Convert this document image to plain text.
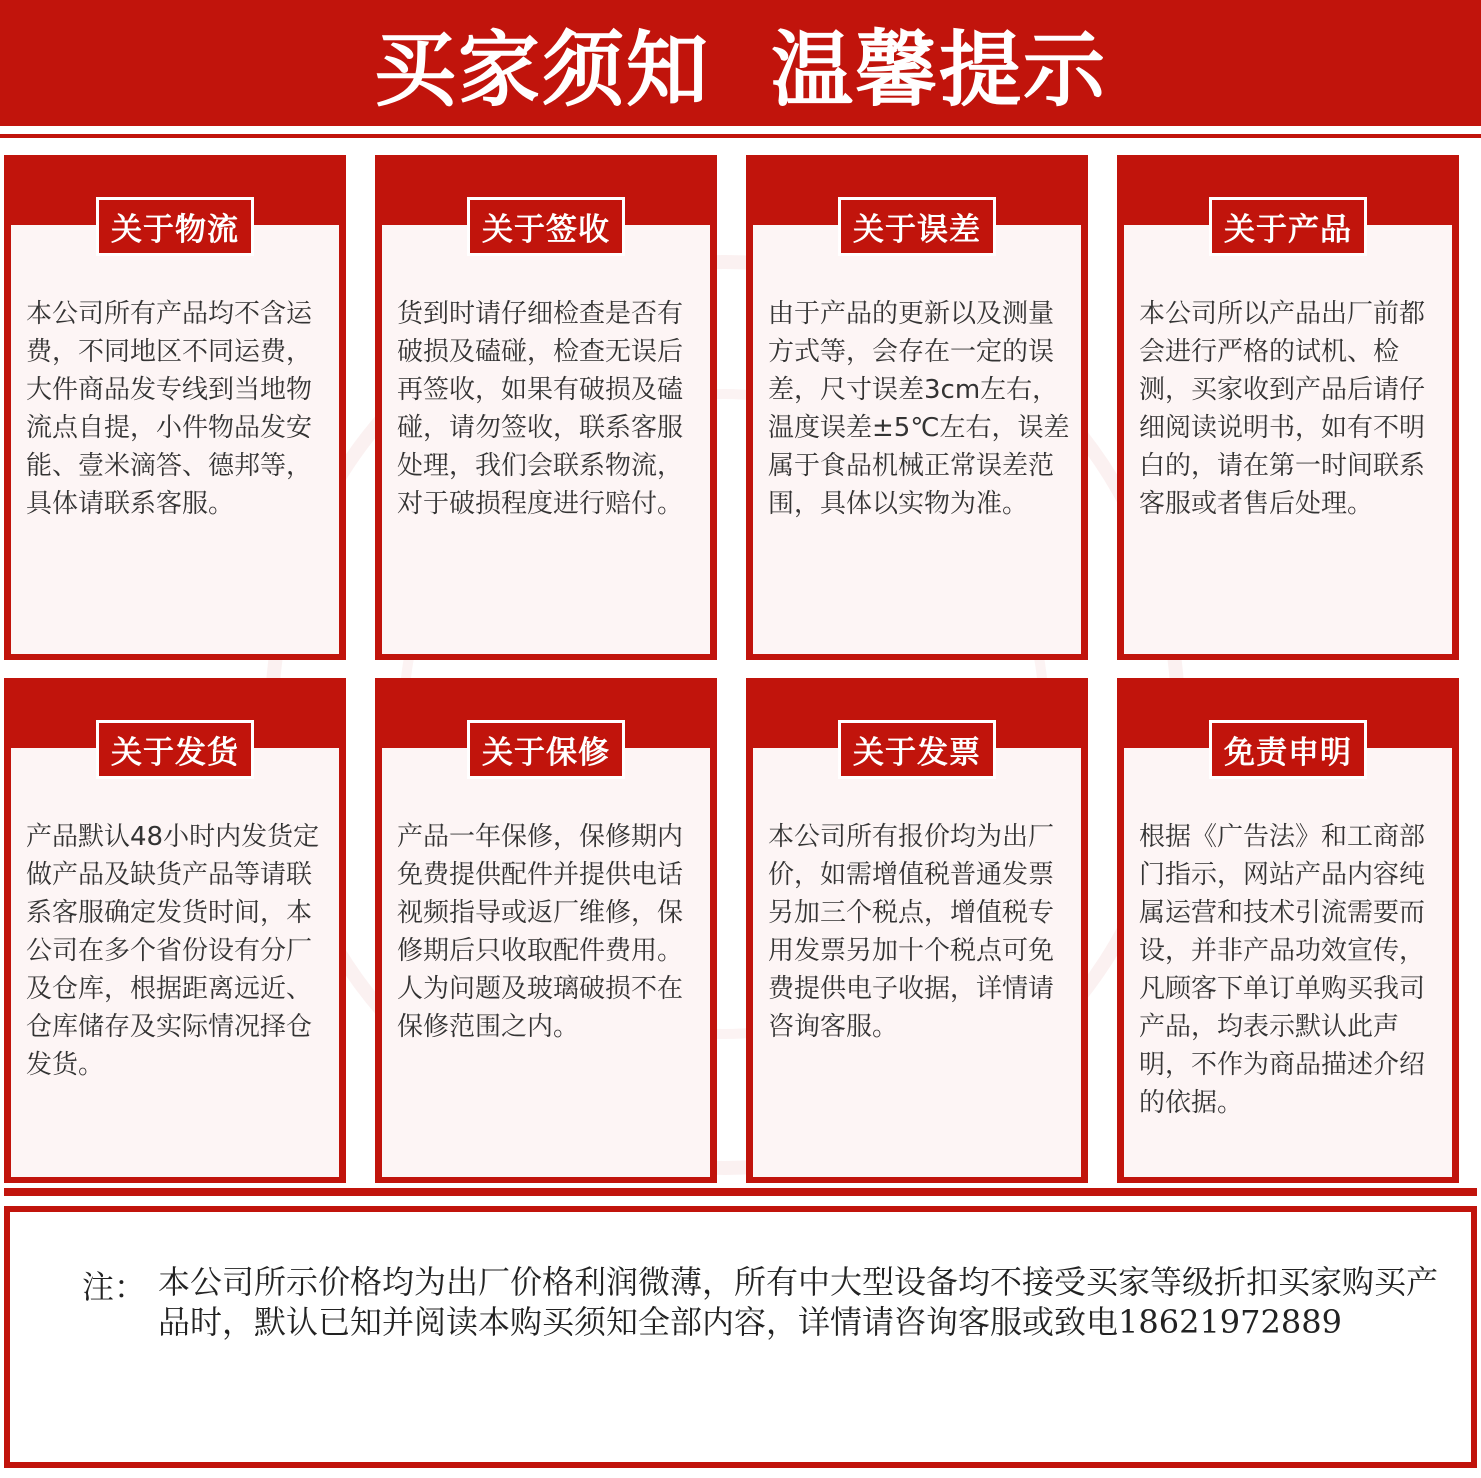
买家须知  温馨提示
关于物流
本公司所有产品均不含运费，不同地区不同运费，大件商品发专线到当地物流点自提，小件物品发安能、壹米滴答、德邦等，具体请联系客服。
关于签收
货到时请仔细检查是否有破损及磕碰，检查无误后再签收，如果有破损及磕碰，请勿签收，联系客服处理，我们会联系物流，对于破损程度进行赔付。
关于误差
由于产品的更新以及测量方式等，会存在一定的误差，尺寸误差3cm左右，温度误差±5℃左右，误差属于食品机械正常误差范围，具体以实物为准。
关于产品
本公司所以产品出厂前都会进行严格的试机、检测，买家收到产品后请仔细阅读说明书，如有不明白的，请在第一时间联系客服或者售后处理。
关于发货
产品默认48小时内发货定做产品及缺货产品等请联系客服确定发货时间，本公司在多个省份设有分厂及仓库，根据距离远近、仓库储存及实际情况择仓发货。
关于保修
产品一年保修，保修期内免费提供配件并提供电话视频指导或返厂维修，保修期后只收取配件费用。人为问题及玻璃破损不在保修范围之内。
关于发票
本公司所有报价均为出厂价，如需增值税普通发票另加三个税点，增值税专用发票另加十个税点可免费提供电子收据，详情请咨询客服。
免责申明
根据《广告法》和工商部门指示，网站产品内容纯属运营和技术引流需要而设，并非产品功效宣传，凡顾客下单订单购买我司产品，均表示默认此声明，不作为商品描述介绍的依据。
注： 本公司所示价格均为出厂价格利润微薄，所有中大型设备均不接受买家等级折扣买家购买产品时，默认已知并阅读本购买须知全部内容，详情请咨询客服或致电18621972889
